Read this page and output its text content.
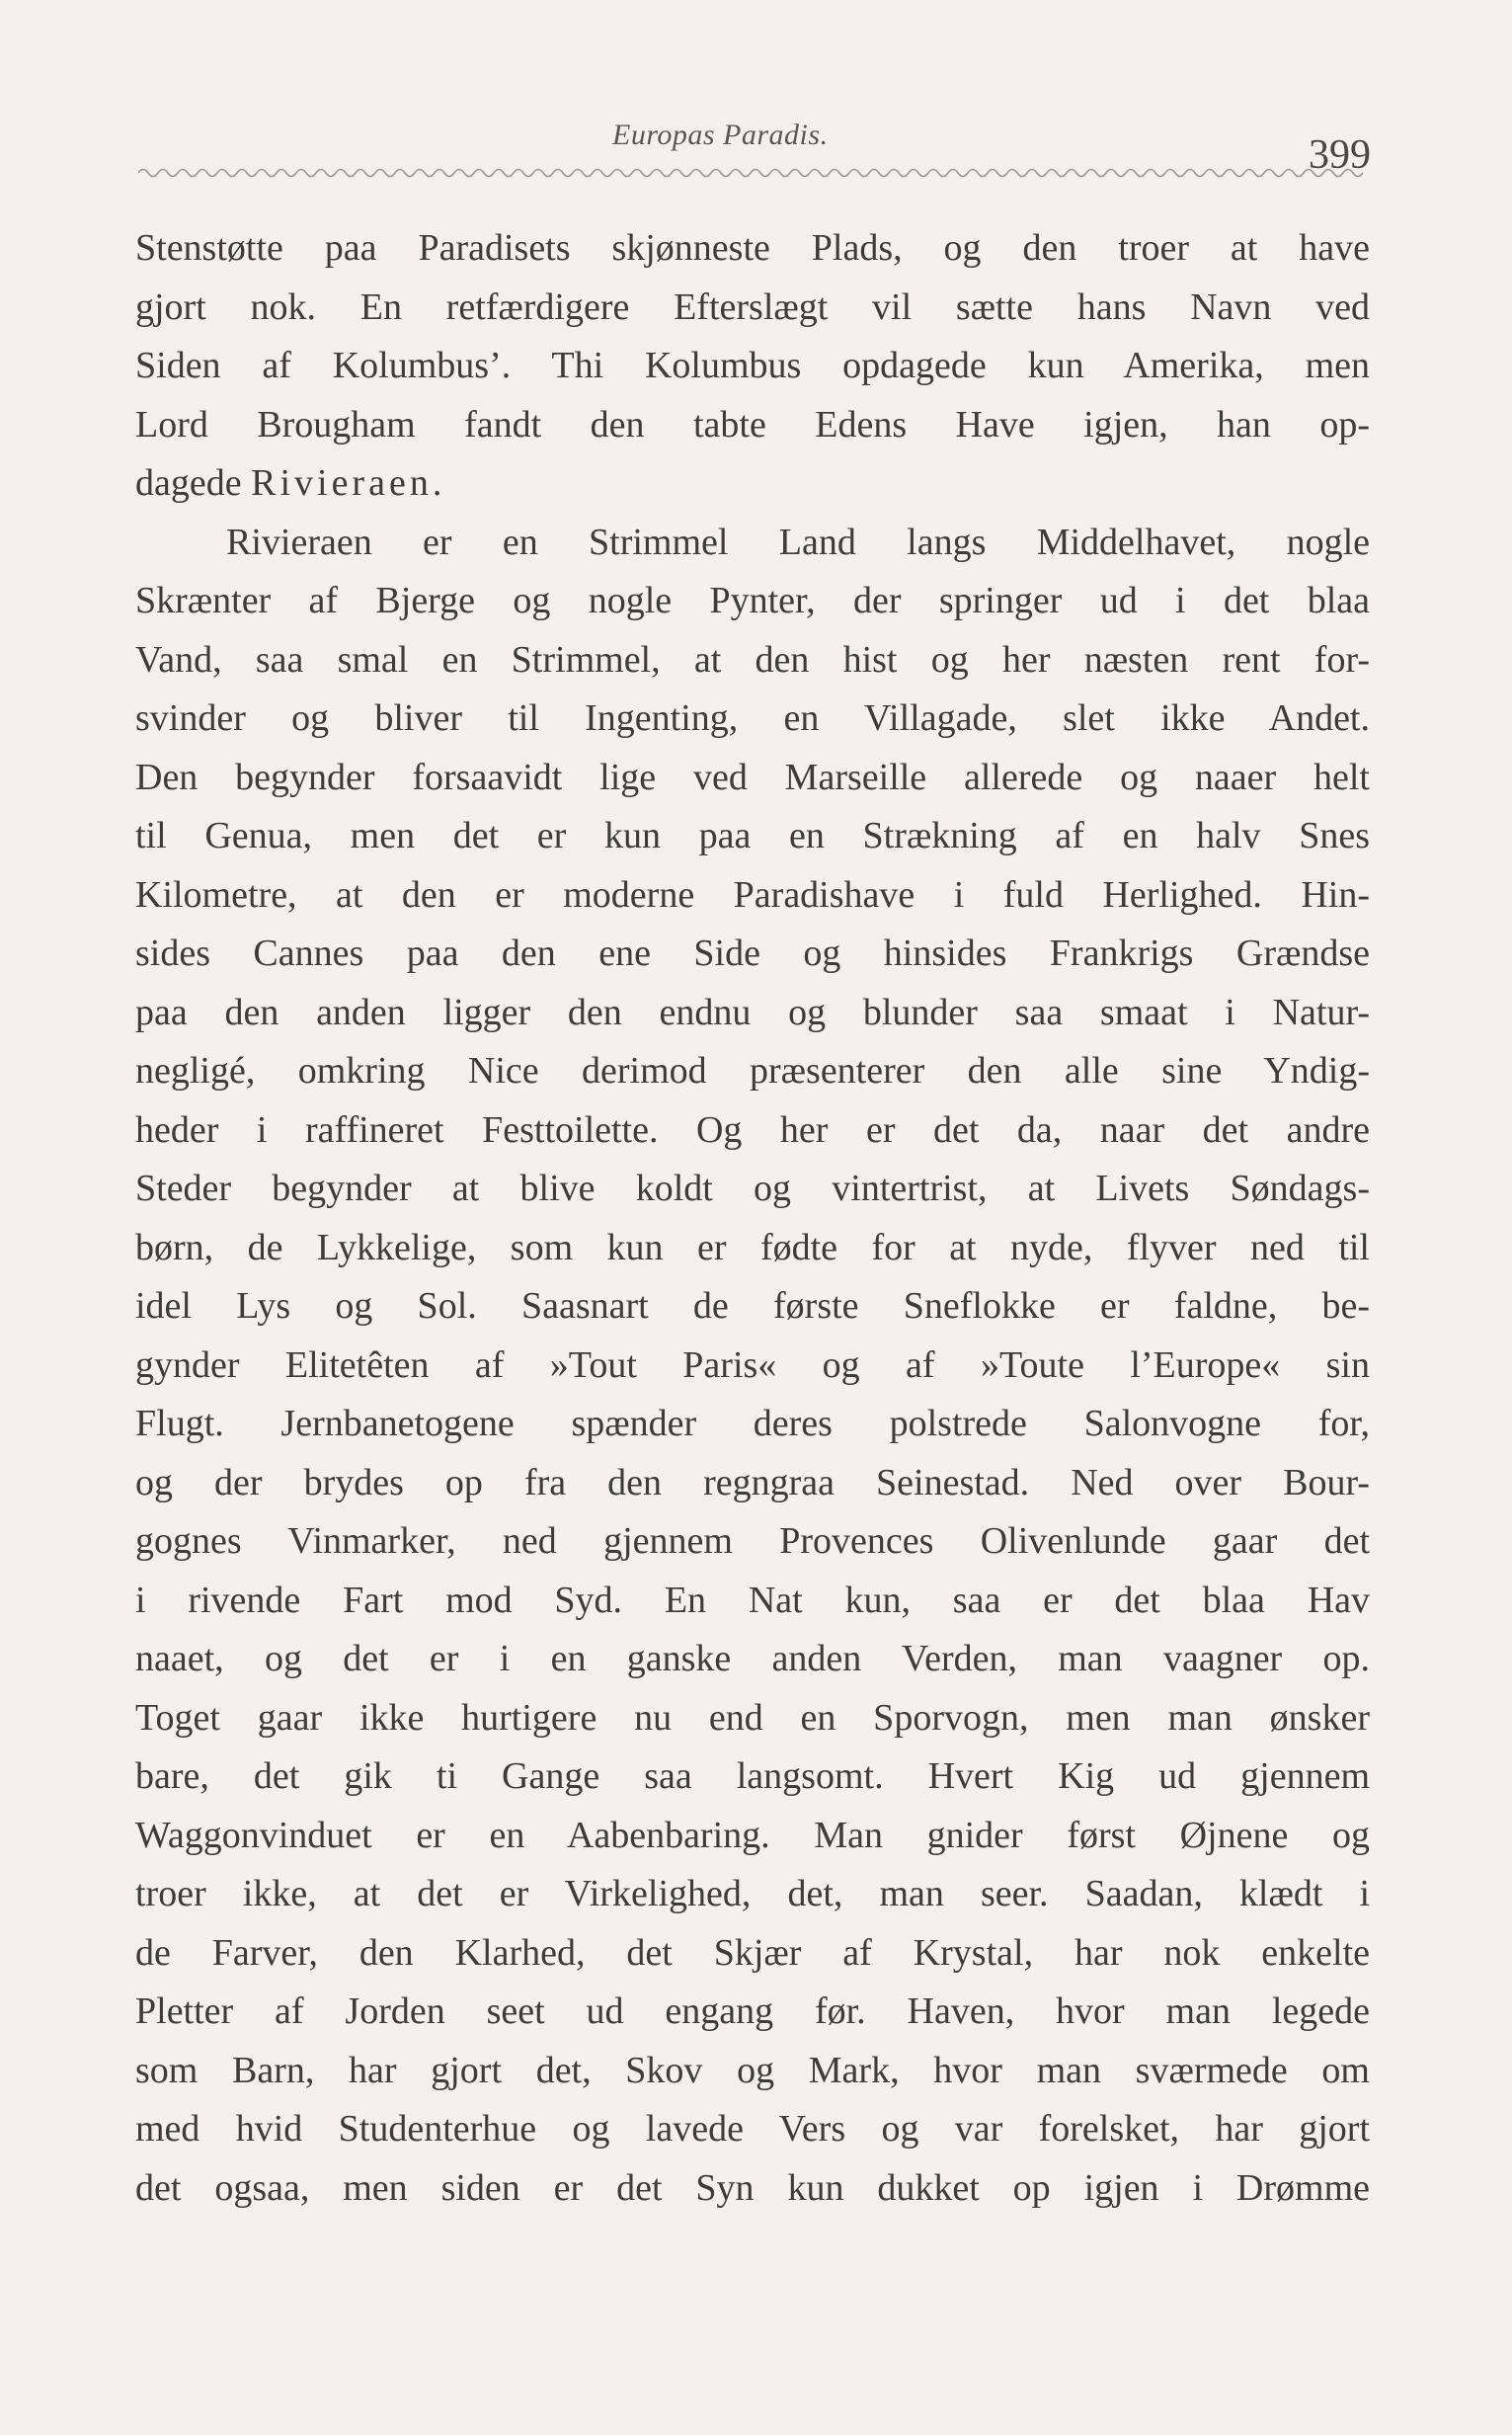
Europas Paradis.	399
Stenstøtte paa Paradisets skjønneste Plads, og den troer at have
gjort nok. En retfærdigere Efterslægt vil sætte hans Navn ved
Siden af Kolumbus’. Thi Kolumbus opdagede kun Amerika, men
Lord Brougham fandt den tabte Edens Have igjen, han op-
dagede Rivieraen.
Rivieraen er en Strimmel Land langs Middelhavet, nogle
Skrænter af Bjerge og nogle Pynter, der springer ud i det blaa
Vand, saa smal en Strimmel, at den hist og her næsten rent for-
svinder og bliver til Ingenting, en Villagade, slet ikke Andet.
Den begynder forsaavidt lige ved Marseille allerede og naaer helt
til Genua, men det er kun paa en Strækning af en halv Snes
Kilometre, at den er moderne Paradishave i fuld Herlighed. Hin-
sides Cannes paa den ene Side og hinsides Frankrigs Grændse
paa den anden ligger den endnu og blunder saa smaat i Natur-
negligé, omkring Nice derimod præsenterer den alle sine Yndig-
heder i raffineret Festtoilette. Og her er det da, naar det andre
Steder begynder at blive koldt og vintertrist, at Livets Søndags-
børn, de Lykkelige, som kun er fødte for at nyde, flyver ned til
idel Lys og Sol. Saasnart de første Sneflokke er faldne, be-
gynder Elitetêten af »Tout Paris« og af »Toute l’Europe« sin
Flugt. Jernbanetogene spænder deres polstrede Salonvogne for,
og der brydes op fra den regngraa Seinestad. Ned over Bour-
gognes Vinmarker, ned gjennem Provences Olivenlunde gaar det
i rivende Fart mod Syd. En Nat kun, saa er det blaa Hav
naaet, og det er i en ganske anden Verden, man vaagner op.
Toget gaar ikke hurtigere nu end en Sporvogn, men man ønsker
bare, det gik ti Gange saa langsomt. Hvert Kig ud gjennem
Waggonvinduet er en Aabenbaring. Man gnider først Øjnene og
troer ikke, at det er Virkelighed, det, man seer. Saadan, klædt i
de Farver, den Klarhed, det Skjær af Krystal, har nok enkelte
Pletter af Jorden seet ud engang før. Haven, hvor man legede
som Barn, har gjort det, Skov og Mark, hvor man sværmede om
med hvid Studenterhue og lavede Vers og var forelsket, har gjort
det ogsaa, men siden er det Syn kun dukket op igjen i Drømme
